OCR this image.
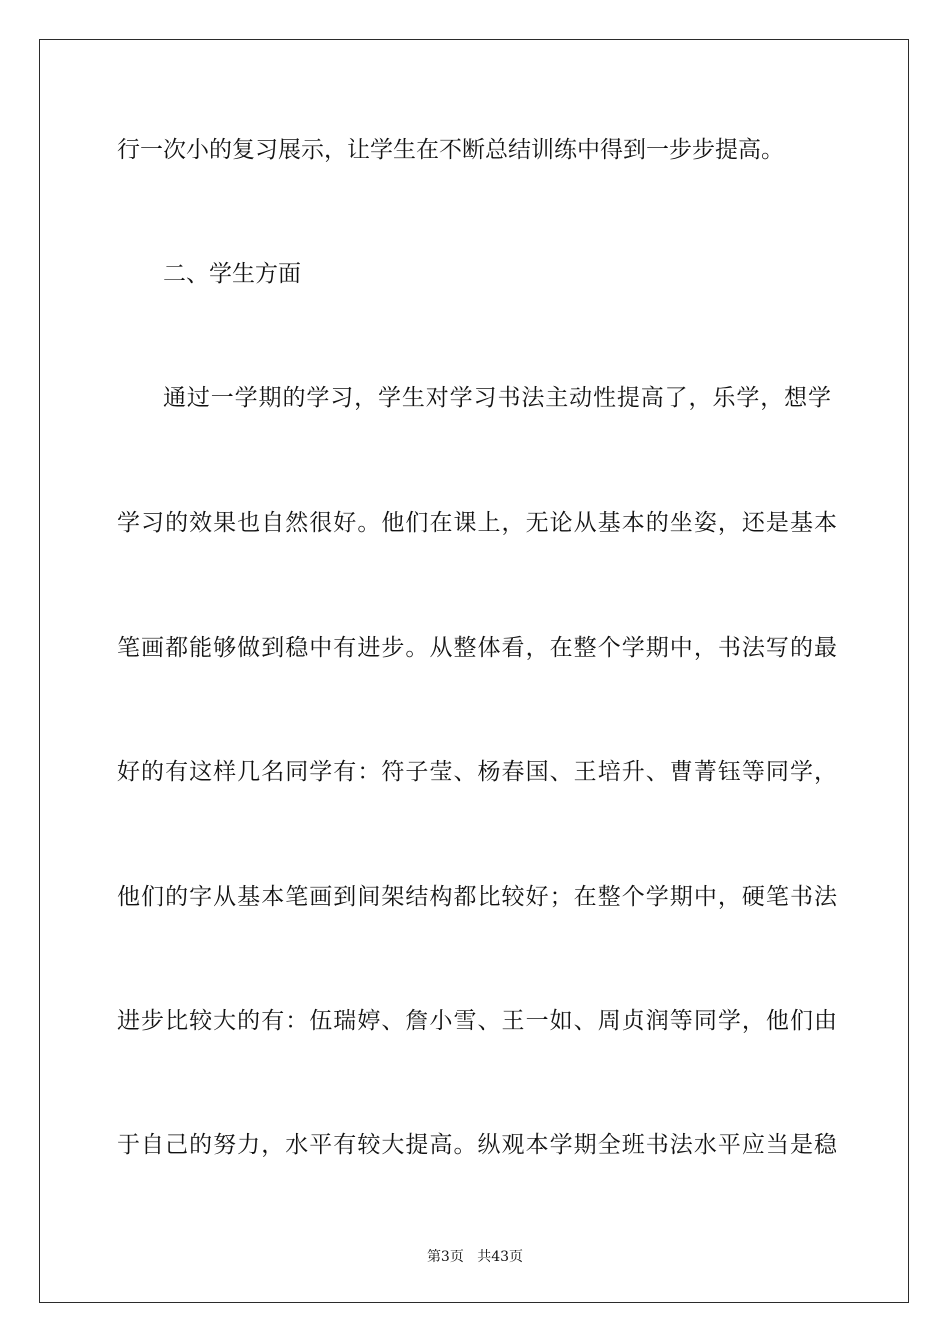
行一次小的复习展示，让学生在不断总结训练中得到一步步提高。
二、学生方面
通过一学期的学习，学生对学习书法主动性提高了，乐学，想学
学习的效果也自然很好。他们在课上，无论从基本的坐姿，还是基本
笔画都能够做到稳中有进步。从整体看，在整个学期中，书法写的最
好的有这样几名同学有：符子莹、杨春国、王培升、曹菁钰等同学，
他们的字从基本笔画到间架结构都比较好；在整个学期中，硬笔书法
进步比较大的有：伍瑞婷、詹小雪、王一如、周贞润等同学，他们由
于自己的努力，水平有较大提高。纵观本学期全班书法水平应当是稳
第3页 共43页
